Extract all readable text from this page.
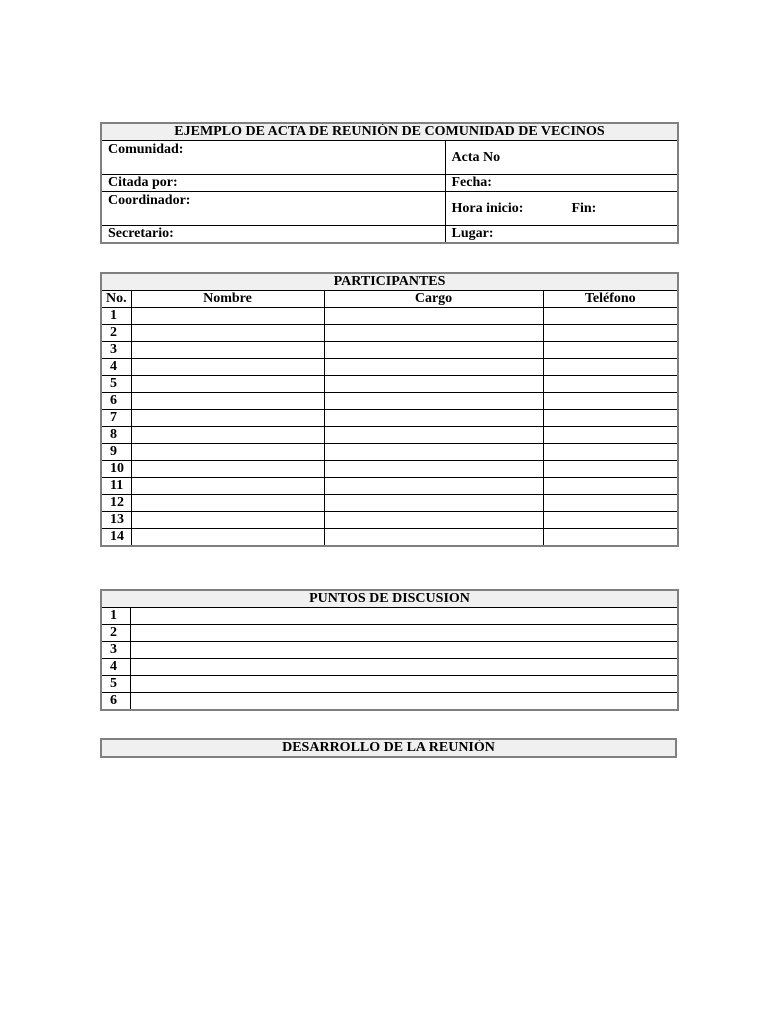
EJEMPLO DE ACTA DE REUNIÓN DE COMUNIDAD DE VECINOS	
Comunidad:	Acta No
Citada por:	Fecha:
Coordinador:	Hora inicio: Fin:
Secretario:	Lugar:
PARTICIPANTES			
No.	Nombre	Cargo	Teléfono
1			
2			
3			
4			
5			
6			
7			
8			
9			
10			
11			
12			
13			
14			
PUNTOS DE DISCUSION	
1	
2	
3	
4	
5	
6	
DESARROLLO DE LA REUNIÓN
